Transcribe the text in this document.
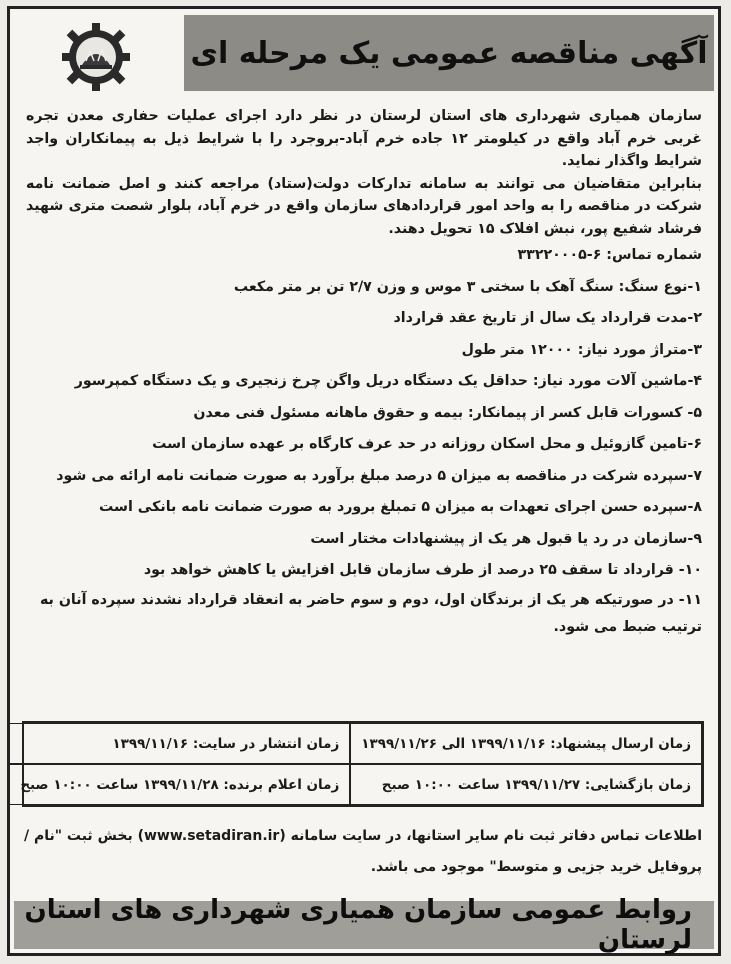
آگهی مناقصه عمومی یک مرحله ای

سازمان همیاری شهرداری های استان لرستان در نظر دارد اجرای عملیات حفاری معدن تجره غربی خرم آباد واقع در کیلومتر ۱۲ جاده خرم آباد-بروجرد را با شرایط ذیل به پیمانکاران واجد شرایط واگذار نماید.

بنابراین متقاضیان می توانند به سامانه تدارکات دولت(ستاد) مراجعه کنند و اصل ضمانت نامه شرکت در مناقصه را به واحد امور قراردادهای سازمان واقع در خرم آباد، بلوار شصت متری شهید فرشاد شفیع پور، نبش افلاک ۱۵ تحویل دهند.

شماره تماس: ۶-۳۳۲۲۰۰۰۵
۱-نوع سنگ: سنگ آهک با سختی ۳ موس و وزن ۲/۷ تن بر متر مکعب
۲-مدت قرارداد یک سال از تاریخ عقد قرارداد
۳-متراژ مورد نیاز: ۱۲۰۰۰ متر طول
۴-ماشین آلات مورد نیاز: حداقل یک دستگاه دریل واگن چرخ زنجیری و یک دستگاه کمپرسور
۵- کسورات قابل کسر از پیمانکار: بیمه و حقوق ماهانه مسئول فنی معدن
۶-تامین گازوئیل و محل اسکان روزانه در حد عرف کارگاه بر عهده سازمان است
۷-سپرده شرکت در مناقصه به میزان ۵ درصد مبلغ برآورد به صورت ضمانت نامه ارائه می شود
۸-سپرده حسن اجرای تعهدات به میزان ۵ تمبلغ برورد به صورت ضمانت نامه بانکی است
۹-سازمان در رد یا قبول هر یک از پیشنهادات مختار است
۱۰- قرارداد تا سقف ۲۵ درصد از طرف سازمان قابل افزایش یا کاهش خواهد بود
۱۱- در صورتیکه هر یک از برندگان اول، دوم و سوم حاضر به انعقاد قرارداد نشدند سپرده آنان به ترتیب ضبط می شود.
زمان ارسال پیشنهاد: ۱۳۹۹/۱۱/۱۶ الی ۱۳۹۹/۱۱/۲۶
زمان انتشار در سایت: ۱۳۹۹/۱۱/۱۶
زمان بازگشایی: ۱۳۹۹/۱۱/۲۷ ساعت ۱۰:۰۰ صبح
زمان اعلام برنده: ۱۳۹۹/۱۱/۲۸ ساعت ۱۰:۰۰ صبح
اطلاعات تماس دفاتر ثبت نام سایر استانها، در سایت سامانه (www.setadiran.ir) بخش ثبت "نام / پروفایل خرید جزیی و متوسط" موجود می باشد.
روابط عمومی سازمان همیاری شهرداری های استان لرستان
